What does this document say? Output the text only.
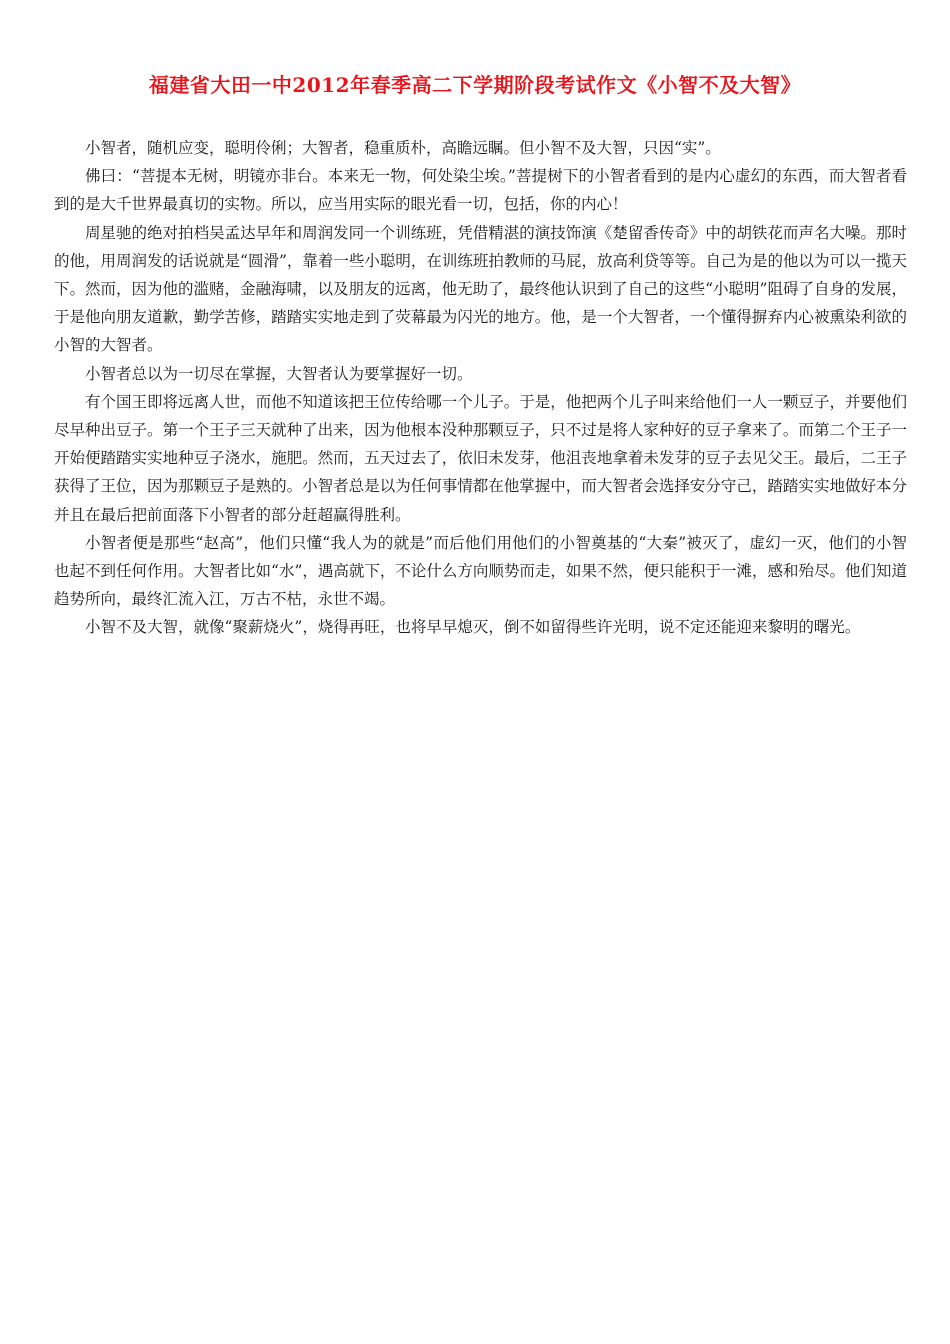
福建省大田一中2012年春季高二下学期阶段考试作文《小智不及大智》

小智者，随机应变，聪明伶俐；大智者，稳重质朴，高瞻远瞩。但小智不及大智，只因“实”。

佛曰：“菩提本无树，明镜亦非台。本来无一物，何处染尘埃。”菩提树下的小智者看到的是内心虚幻的东西，而大智者看到的是大千世界最真切的实物。所以，应当用实际的眼光看一切，包括，你的内心！

周星驰的绝对拍档吴孟达早年和周润发同一个训练班，凭借精湛的演技饰演《楚留香传奇》中的胡铁花而声名大噪。那时的他，用周润发的话说就是“圆滑”，靠着一些小聪明，在训练班拍教师的马屁，放高利贷等等。自己为是的他以为可以一揽天下。然而，因为他的滥赌，金融海啸，以及朋友的远离，他无助了，最终他认识到了自己的这些“小聪明”阻碍了自身的发展，于是他向朋友道歉，勤学苦修，踏踏实实地走到了荧幕最为闪光的地方。他，是一个大智者，一个懂得摒弃内心被熏染利欲的小智的大智者。

小智者总以为一切尽在掌握，大智者认为要掌握好一切。

有个国王即将远离人世，而他不知道该把王位传给哪一个儿子。于是，他把两个儿子叫来给他们一人一颗豆子，并要他们尽早种出豆子。第一个王子三天就种了出来，因为他根本没种那颗豆子，只不过是将人家种好的豆子拿来了。而第二个王子一开始便踏踏实实地种豆子浇水，施肥。然而，五天过去了，依旧未发芽，他沮丧地拿着未发芽的豆子去见父王。最后，二王子获得了王位，因为那颗豆子是熟的。小智者总是以为任何事情都在他掌握中，而大智者会选择安分守己，踏踏实实地做好本分并且在最后把前面落下小智者的部分赶超赢得胜利。

小智者便是那些“赵高”，他们只懂“我人为的就是”而后他们用他们的小智奠基的“大秦”被灭了，虚幻一灭，他们的小智也起不到任何作用。大智者比如“水”，遇高就下，不论什么方向顺势而走，如果不然，便只能积于一滩，感和殆尽。他们知道趋势所向，最终汇流入江，万古不枯，永世不竭。

小智不及大智，就像“聚薪烧火”，烧得再旺，也将早早熄灭，倒不如留得些许光明，说不定还能迎来黎明的曙光。
